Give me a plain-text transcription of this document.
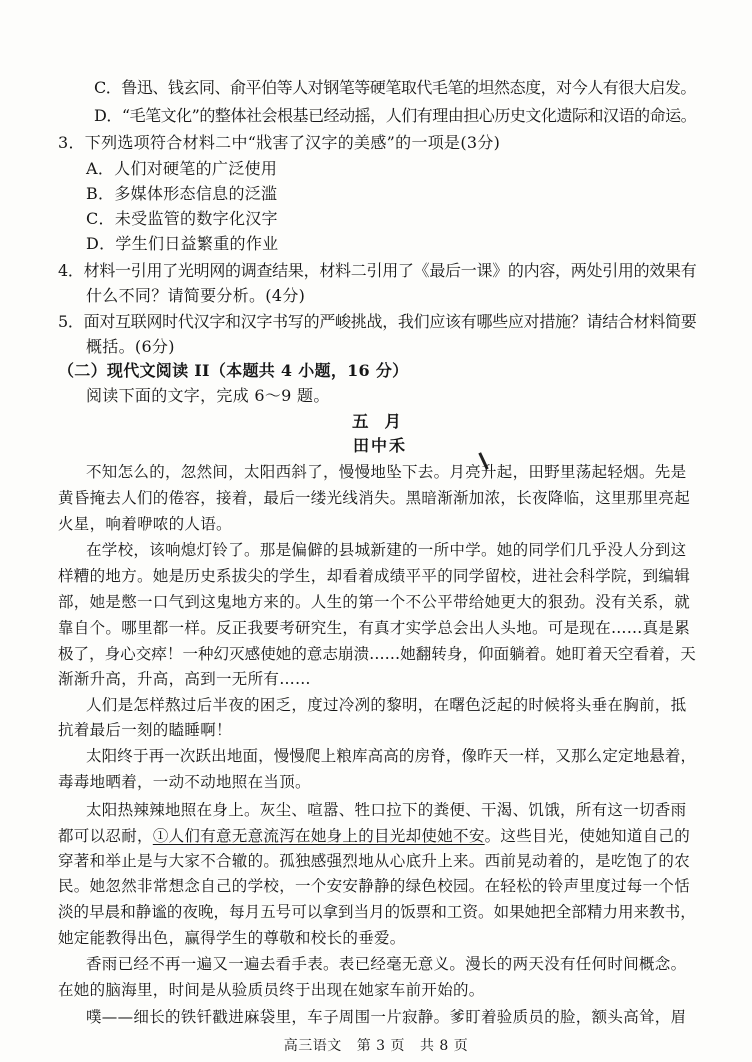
C．鲁迅、钱玄同、俞平伯等人对钢笔等硬笔取代毛笔的坦然态度，对今人有很大启发。
D．“毛笔文化”的整体社会根基已经动摇，人们有理由担心历史文化遗际和汉语的命运。
3．下列选项符合材料二中“戕害了汉字的美感”的一项是(3分)
A．人们对硬笔的广泛使用
B．多媒体形态信息的泛滥
C．未受监管的数字化汉字
D．学生们日益繁重的作业
4．材料一引用了光明网的调查结果，材料二引用了《最后一课》的内容，两处引用的效果有
什么不同？请简要分析。(4分)
5．面对互联网时代汉字和汉字书写的严峻挑战，我们应该有哪些应对措施？请结合材料简要
概括。(6分)
（二）现代文阅读 II（本题共 4 小题，16 分）
阅读下面的文字，完成 6～9 题。
五月
田中禾
不知怎么的，忽然间，太阳西斜了，慢慢地坠下去。月亮升起，田野里荡起轻烟。先是
黄昏掩去人们的倦容，接着，最后一缕光线消失。黑暗渐渐加浓，长夜降临，这里那里亮起
火星，响着咿哝的人语。
在学校，该响熄灯铃了。那是偏僻的县城新建的一所中学。她的同学们几乎没人分到这
样糟的地方。她是历史系拔尖的学生，却看着成绩平平的同学留校，进社会科学院，到编辑
部，她是憋一口气到这鬼地方来的。人生的第一个不公平带给她更大的狠劲。没有关系，就
靠自个。哪里都一样。反正我要考研究生，有真才实学总会出人头地。可是现在……真是累
极了，身心交瘁！一种幻灭感使她的意志崩溃……她翻转身，仰面躺着。她盯着天空看着，天
渐渐升高，升高，高到一无所有……
人们是怎样熬过后半夜的困乏，度过冷冽的黎明，在曙色泛起的时候将头垂在胸前，抵
抗着最后一刻的瞌睡啊！
太阳终于再一次跃出地面，慢慢爬上粮库高高的房脊，像昨天一样，又那么定定地悬着，
毒毒地晒着，一动不动地照在当顶。
太阳热辣辣地照在身上。灰尘、喧嚣、牲口拉下的粪便、干渴、饥饿，所有这一切香雨
都可以忍耐，①人们有意无意流泻在她身上的目光却使她不安。这些目光，使她知道自己的
穿著和举止是与大家不合辙的。孤独感强烈地从心底升上来。西前晃动着的，是吃饱了的农
民。她忽然非常想念自己的学校，一个安安静静的绿色校园。在轻松的铃声里度过每一个恬
淡的早晨和静谧的夜晚，每月五号可以拿到当月的饭票和工资。如果她把全部精力用来教书，
她定能教得出色，赢得学生的尊敬和校长的垂爱。
香雨已经不再一遍又一遍去看手表。表已经毫无意义。漫长的两天没有任何时间概念。
在她的脑海里，时间是从验质员终于出现在她家车前开始的。
噗——细长的铁钎戳进麻袋里，车子周围一片寂静。爹盯着验质员的脸，额头高耸，眉
高三语文 第 3 页 共 8 页
